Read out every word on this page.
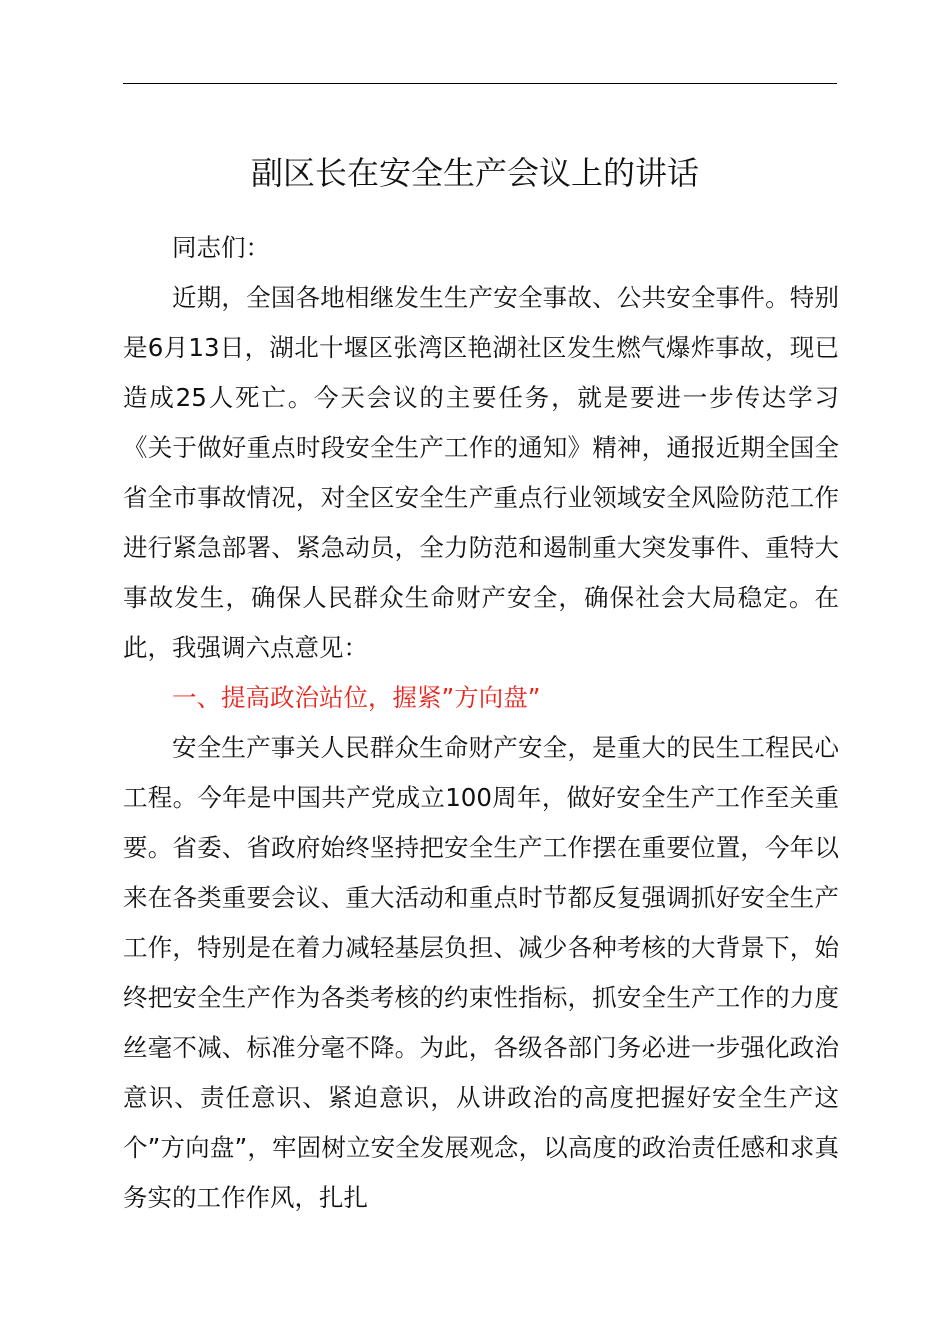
副区长在安全生产会议上的讲话

同志们：

近期，全国各地相继发生生产安全事故、公共安全事件。特别是6月13日，湖北十堰区张湾区艳湖社区发生燃气爆炸事故，现已造成25人死亡。今天会议的主要任务，就是要进一步传达学习《关于做好重点时段安全生产工作的通知》精神，通报近期全国全省全市事故情况，对全区安全生产重点行业领域安全风险防范工作进行紧急部署、紧急动员，全力防范和遏制重大突发事件、重特大事故发生，确保人民群众生命财产安全，确保社会大局稳定。在此，我强调六点意见：

一、提高政治站位，握紧”方向盘”

安全生产事关人民群众生命财产安全，是重大的民生工程民心工程。今年是中国共产党成立100周年，做好安全生产工作至关重要。省委、省政府始终坚持把安全生产工作摆在重要位置，今年以来在各类重要会议、重大活动和重点时节都反复强调抓好安全生产工作，特别是在着力减轻基层负担、减少各种考核的大背景下，始终把安全生产作为各类考核的约束性指标，抓安全生产工作的力度丝毫不减、标准分毫不降。为此，各级各部门务必进一步强化政治意识、责任意识、紧迫意识，从讲政治的高度把握好安全生产这个”方向盘”，牢固树立安全发展观念，以高度的政治责任感和求真务实的工作作风，扎扎
